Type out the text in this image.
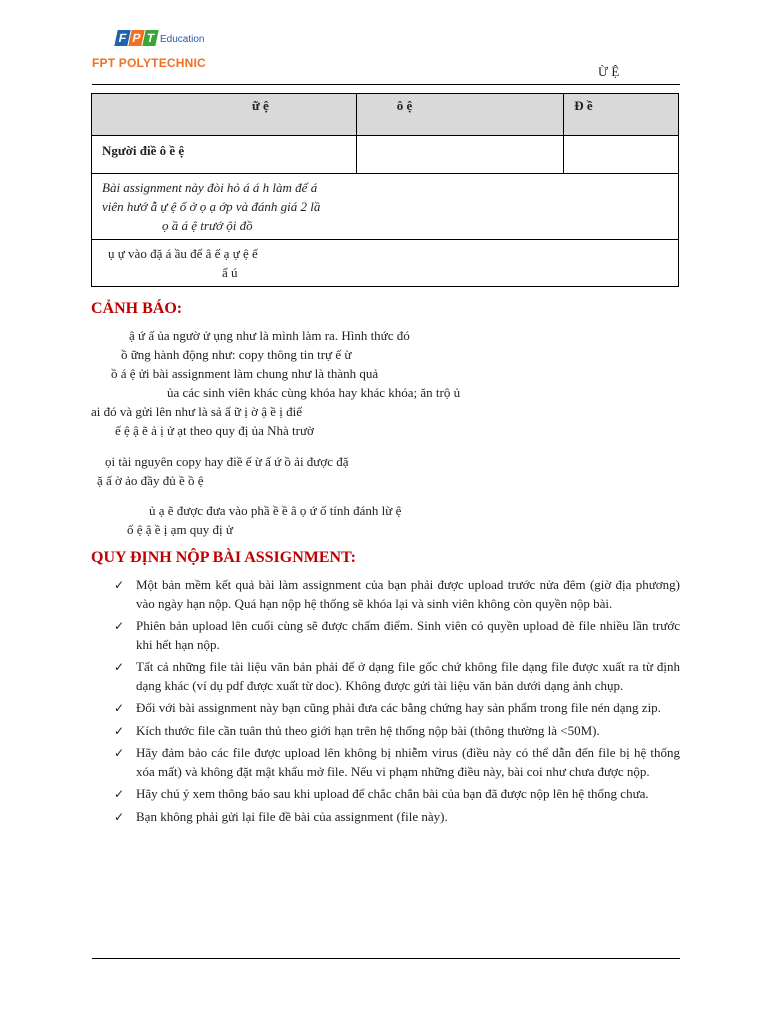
F P T Education
FPT POLYTECHNIC
Ừ Ệ
ữ ệ	ô ệ	Đ ề
Người điề ô ề ệ		

Bài assignment này đòi hỏ á á h làm để á
viên hướ ẫ ự ệ ố ở ọ ạ ớp và đánh giá 2 lầ
ọ ầ á ệ trướ ội đồ		

ụ ự vào đặ á ầu để â ế ạ ự ệ ế
ẩ ú		
CẢNH BÁO:
ậ ứ ấ ủa ngườ ử ụng như là mình làm ra. Hình thức đó
ồ ững hành động như: copy thông tin trự ế ừ
ồ á ệ ửi bài assignment làm chung như là thành quả
ủa các sinh viên khác cùng khóa hay khác khóa; ăn trộ ủ
ai đó và gửi lên như là sả ẩ ữ ị ờ ậ ề ị điể
ế ệ ậ ẽ ả ị ử ạt theo quy đị ủa Nhà trườ
ọi tài nguyên copy hay điề ế ừ ấ ứ ồ ải được đặ
ặ ấ ờ ảo đầy đủ ề ồ ệ
ủ ạ ẽ được đưa vào phầ ề ề â ọ ứ ố tính đánh lừ ệ
ố ệ ậ ề ị ạm quy đị ử
QUY ĐỊNH NỘP BÀI ASSIGNMENT:
✓ Một bản mềm kết quả bài làm assignment của bạn phải được upload trước nửa đêm (giờ địa phương) vào ngày hạn nộp. Quá hạn nộp hệ thống sẽ khóa lại và sinh viên không còn quyền nộp bài.
✓ Phiên bản upload lên cuối cùng sẽ được chấm điểm. Sinh viên có quyền upload đè file nhiều lần trước khi hết hạn nộp.
✓ Tất cả những file tài liệu văn bản phải để ở dạng file gốc chứ không file dạng file được xuất ra từ định dạng khác (ví dụ pdf được xuất từ doc). Không được gửi tài liệu văn bản dưới dạng ảnh chụp.
✓ Đối với bài assignment này bạn cũng phải đưa các bằng chứng hay sản phẩm trong file nén dạng zip.
✓ Kích thước file cần tuân thủ theo giới hạn trên hệ thống nộp bài (thông thường là <50M).
✓ Hãy đảm bảo các file được upload lên không bị nhiễm virus (điều này có thể dẫn đến file bị hệ thống xóa mất) và không đặt mật khẩu mở file. Nếu vi phạm những điều này, bài coi như chưa được nộp.
✓ Hãy chú ý xem thông báo sau khi upload để chắc chắn bài của bạn đã được nộp lên hệ thống chưa.
✓ Bạn không phải gửi lại file đề bài của assignment (file này).
